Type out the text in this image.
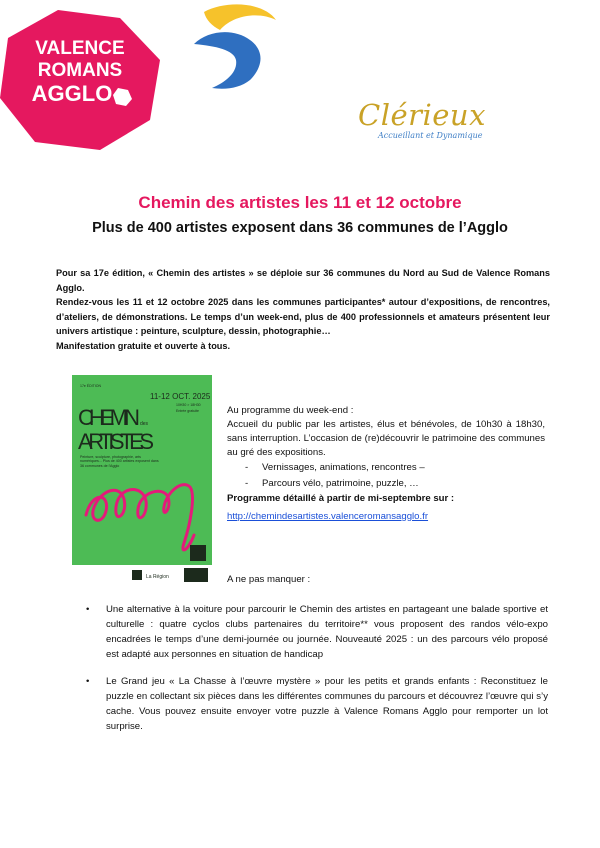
VALENCE
ROMANS
AGGLO

Clérieux
Accueillant et Dynamique
Chemin des artistes les 11 et 12 octobre
Plus de 400 artistes exposent dans 36 communes de l’Agglo

Pour sa 17e édition, « Chemin des artistes » se déploie sur 36 communes du Nord au Sud de Valence Romans Agglo.

Rendez-vous les 11 et 12 octobre 2025 dans les communes participantes* autour d’expositions, de rencontres, d’ateliers, de démonstrations. Le temps d’un week-end, plus de 400 professionnels et amateurs présentent leur univers artistique : peinture, sculpture, dessin, photographie…

Manifestation gratuite et ouverte à tous.

17e ÉDITION
11-12 OCT. 2025
10H30 > 18H30
Entrée gratuite
CHEMIN des
ARTISTES
Peinture, sculpture, photographie, arts numériques... Plus de 400 artistes exposent dans 36 communes de l'Agglo
La Région
Au programme du week-end :
Accueil du public par les artistes, élus et bénévoles, de 10h30 à 18h30, sans interruption. L’occasion de (re)découvrir le patrimoine des communes au gré des expositions.
- Vernissages, animations, rencontres –
- Parcours vélo, patrimoine, puzzle, …
Programme détaillé à partir de mi-septembre sur :
http://chemindesartistes.valenceromansagglo.fr
A ne pas manquer :
• Une alternative à la voiture pour parcourir le Chemin des artistes en partageant une balade sportive et culturelle : quatre cyclos clubs partenaires du territoire** vous proposent des randos vélo-expo encadrées le temps d’une demi-journée ou journée. Nouveauté 2025 : un des parcours vélo proposé est adapté aux personnes en situation de handicap
• Le Grand jeu « La Chasse à l’œuvre mystère » pour les petits et grands enfants : Reconstituez le puzzle en collectant six pièces dans les différentes communes du parcours et découvrez l’œuvre qui s’y cache. Vous pouvez ensuite envoyer votre puzzle à Valence Romans Agglo pour remporter un lot surprise.
